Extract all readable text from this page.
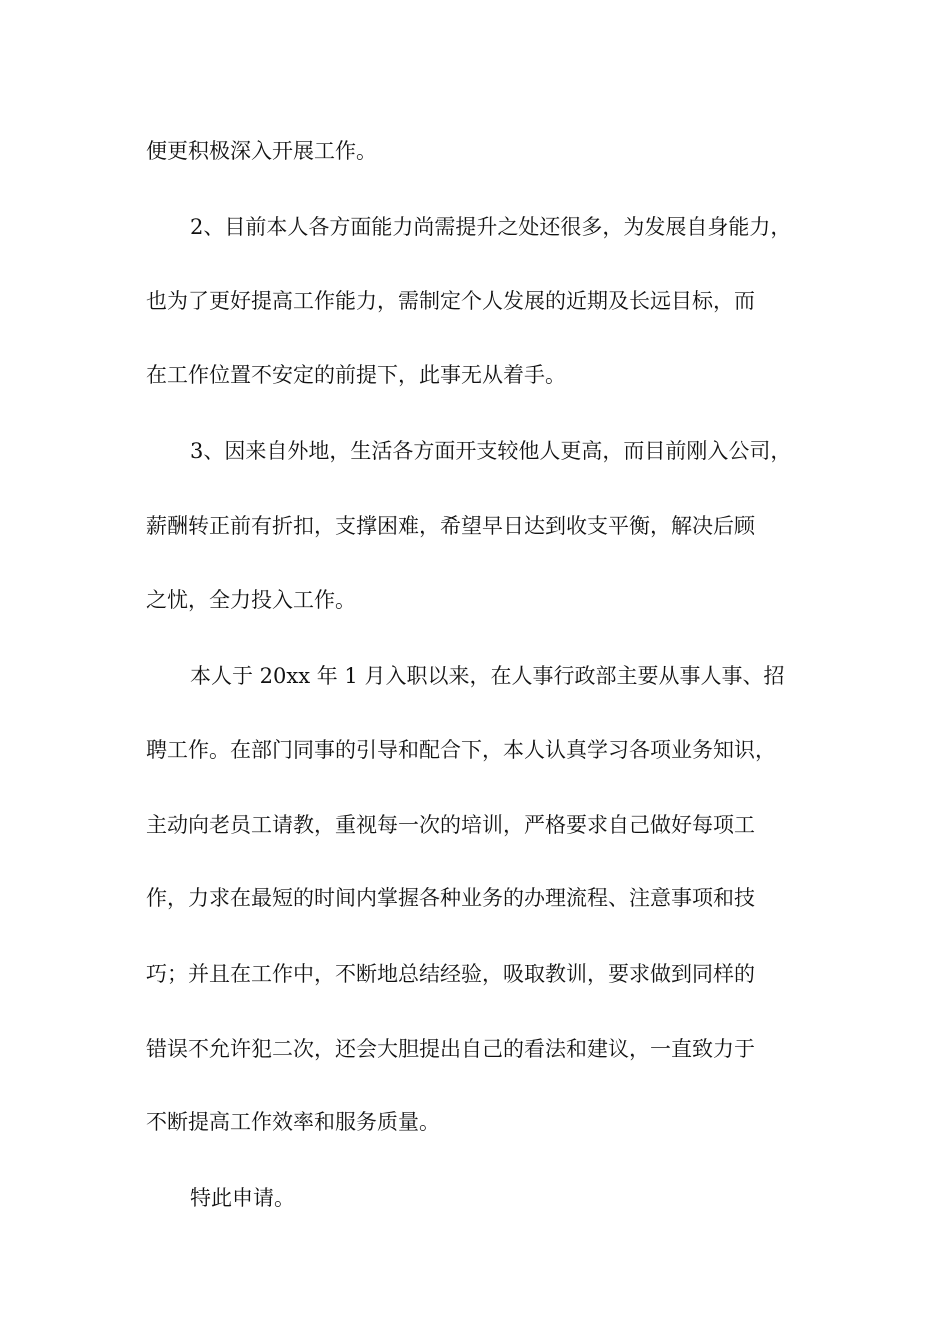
便更积极深入开展工作。
2、目前本人各方面能力尚需提升之处还很多，为发展自身能力，
也为了更好提高工作能力，需制定个人发展的近期及长远目标，而
在工作位置不安定的前提下，此事无从着手。
3、因来自外地，生活各方面开支较他人更高，而目前刚入公司，
薪酬转正前有折扣，支撑困难，希望早日达到收支平衡，解决后顾
之忧，全力投入工作。
本人于 20xx 年 1 月入职以来，在人事行政部主要从事人事、招
聘工作。在部门同事的引导和配合下，本人认真学习各项业务知识，
主动向老员工请教，重视每一次的培训，严格要求自己做好每项工
作，力求在最短的时间内掌握各种业务的办理流程、注意事项和技
巧；并且在工作中，不断地总结经验，吸取教训，要求做到同样的
错误不允许犯二次，还会大胆提出自己的看法和建议，一直致力于
不断提高工作效率和服务质量。
特此申请。
